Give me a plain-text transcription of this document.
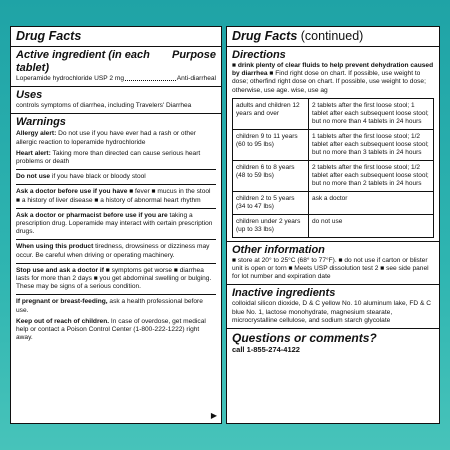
Drug Facts
Active ingredient (in each tablet)
Purpose
Loperamide hydrochloride USP 2 mg	Anti-diarrheal
Uses
controls symptoms of diarrhea, including Travelers' Diarrhea
Warnings
Allergy alert: Do not use if you have ever had a rash or other allergic reaction to loperamide hydrochloride
Heart alert: Taking more than directed can cause serious heart problems or death
Do not use if you have black or bloody stool
Ask a doctor before use if you have ■ fever ■ mucus in the stool ■ a history of liver disease ■ a history of abnormal heart rhythm
Ask a doctor or pharmacist before use if you are taking a prescription drug. Loperamide may interact with certain prescription drugs.
When using this product tiredness, drowsiness or dizziness may occur. Be careful when driving or operating machinery.
Stop use and ask a doctor if ■ symptoms get worse ■ diarrhea lasts for more than 2 days ■ you get abdominal swelling or bulging. These may be signs of a serious condition.
If pregnant or breast-feeding, ask a health professional before use.
Keep out of reach of children. In case of overdose, get medical help or contact a Poison Control Center (1-800-222-1222) right away.
▶
Drug Facts (continued)
Directions
■ drink plenty of clear fluids to help prevent dehydration caused by diarrhea ■ Find right dose on chart. If possible, use weight to dose; otherfind right dose on chart. If possible, use weight to dose; otherwise, use age. wise, use ag
adults and children 12 years and over	2 tablets after the first loose stool; 1 tablet after each subsequent loose stool; but no more than 4 tablets in 24 hours
children 9 to 11 years (60 to 95 lbs)	1 tablets after the first loose stool; 1/2 tablet after each subsequent loose stool; but no more than 3 tablets in 24 hours
children 6 to 8 years (48 to 59 lbs)	2 tablets after the first loose stool; 1/2 tablet after each subsequent loose stool; but no more than 2 tablets in 24 hours
children 2 to 5 years (34 to 47 lbs)	ask a doctor
children under 2 years (up to 33 lbs)	do not use
Other information
■ store at 20° to 25°C (68° to 77°F). ■ do not use if carton or blister unit is open or torn ■ Meets USP dissolution test 2 ■ see side panel for lot number and expiration date
Inactive ingredients
colloidal silicon dioxide, D & C yellow No. 10 aluminum lake, FD & C blue No. 1, lactose monohydrate, magnesium stearate, microcrystalline cellulose, and sodium starch glycolate
Questions or comments?
call 1-855-274-4122
